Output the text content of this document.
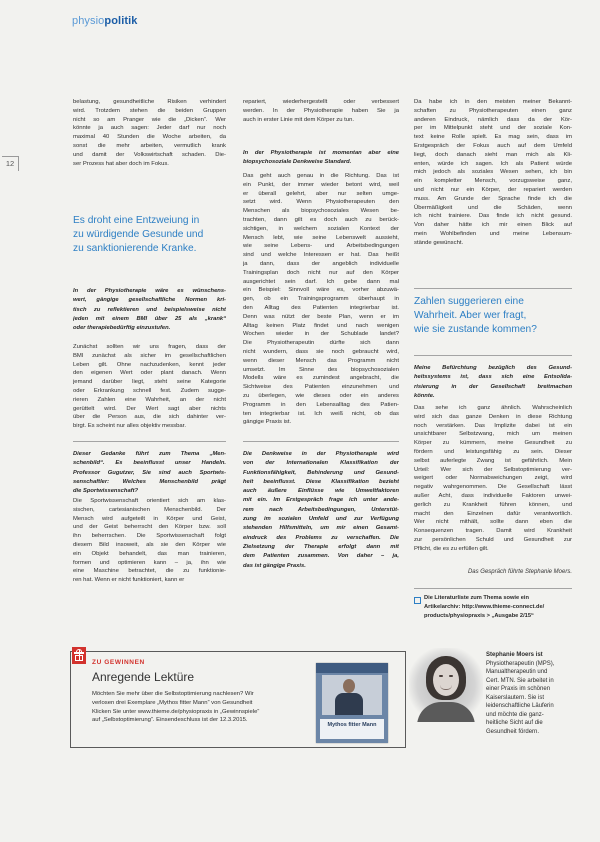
physiopolitik
12
belastung, gesundheitliche Risiken verhindert
wird. Trotzdem stehen die beiden Gruppen
nicht so am Pranger wie die „Dicken“. Wer
könnte ja auch sagen: Jeder darf nur noch
maximal 40 Stunden die Woche arbeiten, da
sonst die mehr arbeiten, vermutlich krank
und damit der Volkswirtschaft schaden. Die-
ser Prozess hat aber doch im Fokus.
Es droht eine Entzweiung in
zu würdigende Gesunde und
zu sanktionierende Kranke.
In der Physiotherapie wäre es wünschens-
wert, gängige gesellschaftliche Normen kri-
tisch zu reflektieren und beispielsweise nicht
jeden mit einem BMI über 25 als „krank“
oder therapiebedürftig einzustufen.
Zunächst sollten wir uns fragen, dass der
BMI zunächst als sicher im gesellschaftlichen
Leben gilt. Ohne nachzudenken, kennt jeder
den eigenen Wert oder plant danach. Wenn
jemand darüber liegt, steht seine Kategorie
oder Erkrankung schnell fest. Zudem sugge-
rieren Zahlen eine Wahrheit, an der nicht
gerüttelt wird. Der Wert sagt aber nichts
über die Person aus, die sich dahinter ver-
birgt. Es scheint nur alles objektiv messbar.
Dieser Gedanke führt zum Thema „Men-
schenbild“. Es beeinflusst unser Handeln.
Professor Gugutzer, Sie sind auch Sportwis-
senschaftler: Welches Menschenbild prägt
die Sportwissenschaft?
Die Sportwissenschaft orientiert sich am klas-
sischen, cartesianischen Menschenbild. Der
Mensch wird aufgeteilt in Körper und Geist,
und der Geist beherrscht den Körper bzw. soll
ihn beherrschen. Die Sportwissenschaft folgt
diesem Bild insoweit, als sie den Körper wie
ein Objekt behandelt, das man trainieren,
formen und optimieren kann – ja, ihn wie
eine Maschine betrachtet, die zu funktionie-
ren hat. Wenn er nicht funktioniert, kann er
repariert, wiederhergestellt oder verbessert
werden. In der Physiotherapie haben Sie ja
auch in erster Linie mit dem Körper zu tun.
In der Physiotherapie ist momentan aber eine
biopsychosoziale Denkweise Standard.
Das geht auch genau in die Richtung. Das ist
ein Punkt, der immer wieder betont wird, weil
er überall gelehrt, aber nur selten umge-
setzt wird. Wenn Physiotherapeuten den
Menschen als biopsychosoziales Wesen be-
trachten, dann gilt es doch auch zu berück-
sichtigen, in welchem sozialen Kontext der
Mensch lebt, wie seine Lebenswelt aussieht,
wie seine Lebens- und Arbeitsbedingungen
sind und welche Interessen er hat. Das heißt
ja dann, dass der angeblich individuelle
Trainingsplan doch nicht nur auf den Körper
ausgerichtet sein darf. Ich gebe dann mal
ein Beispiel: Sinnvoll wäre es, vorher abzuwä-
gen, ob ein Trainingsprogramm überhaupt in
den Alltag des Patienten integrierbar ist.
Denn was nützt der beste Plan, wenn er im
Alltag keinen Platz findet und nach wenigen
Wochen wieder in der Schublade landet?
Die Physiotherapeutin dürfte sich dann
nicht wundern, dass sie noch gebraucht wird,
wenn dieser Mensch das Programm nicht
umsetzt. Im Sinne des biopsychosozialen
Modells wäre es zumindest angebracht, die
Sichtweise des Patienten einzunehmen und
zu überlegen, wie dieses oder ein anderes
Programm in den Lebensalltag des Patien-
ten integrierbar ist. Ich weiß nicht, ob das
gängige Praxis ist.
Die Denkweise in der Physiotherapie wird
von der Internationalen Klassifikation der
Funktionsfähigkeit, Behinderung und Gesund-
heit beeinflusst. Diese Klassifikation bezieht
auch äußere Einflüsse wie Umweltfaktoren
mit ein. Im Erstgespräch frage ich unter ande-
rem nach Arbeitsbedingungen, Unterstüt-
zung im sozialen Umfeld und zur Verfügung
stehenden Hilfsmitteln, um mir einen Gesamt-
eindruck des Problems zu verschaffen. Die
Zielsetzung der Therapie erfolgt dann mit
dem Patienten zusammen. Von daher – ja,
das ist gängige Praxis.
Da habe ich in den meisten meiner Bekannt-
schaften zu Physiotherapeuten einen ganz
anderen Eindruck, nämlich dass da der Kör-
per im Mittelpunkt steht und der soziale Kon-
text keine Rolle spielt. Es mag sein, dass im
Erstgespräch der Fokus auch auf dem Umfeld
liegt, doch danach sieht man mich als Kli-
enten, würde ich sagen. Ich als Patient würde
mich jedoch als soziales Wesen sehen, ich bin
ein kompletter Mensch, vorzugsweise ganz,
und nicht nur ein Körper, der repariert werden
muss. Am Grunde der Sprache finde ich die
Übermäßigkeit und die Schäden, wenn
ich nicht trainiere. Das finde ich nicht gesund.
Von daher hätte ich mir einen Blick auf
mein Wohlbefinden und meine Lebensum-
stände gewünscht.
Zahlen suggerieren eine
Wahrheit. Aber wer fragt,
wie sie zustande kommen?
Meine Befürchtung bezüglich des Gesund-
heitssystems ist, dass sich eine Entsolida-
risierung in der Gesellschaft breitmachen
könnte.
Das sehe ich ganz ähnlich. Wahrscheinlich
wird sich das ganze Denken in diese Richtung
noch verstärken. Das Implizite dabei ist ein
unsichtbarer Selbstzwang, mich um meinen
Körper zu kümmern, meine Gesundheit zu
fördern und leistungsfähig zu sein. Dieser
selbst auferlegte Zwang ist gefährlich. Mein
Urteil: Wer sich der Selbstoptimierung ver-
weigert oder Normabweichungen zeigt, wird
negativ wahrgenommen. Die Gesellschaft lässt
außer Acht, dass individuelle Faktoren unwei-
gerlich zu Krankheit führen können, und
macht den Einzelnen dafür verantwortlich.
Wer nicht mithält, sollte dann eben die
Konsequenzen tragen. Damit wird Krankheit
zur persönlichen Schuld und Gesundheit zur
Pflicht, die es zu erfüllen gilt.
Das Gespräch führte Stephanie Moers.
Die Literaturliste zum Thema sowie ein
Artikelarchiv: http://www.thieme-connect.de/
products/physiopraxis > „Ausgabe 2/15“
ZU GEWINNEN
Anregende Lektüre
Möchten Sie mehr über die Selbstoptimierung nachlesen? Wir
verlosen drei Exemplare „Mythos fitter Mann“ von Gesundheit
Klicken Sie unter www.thieme.de/physiopraxis in „Gewinnspiele“
auf „Selbstoptimierung“. Einsendeschluss ist der 12.3.2015.
Mythos fitter Mann
Stephanie Moers ist
Physiotherapeutin (MPS),
Manualtherapeutin und
Cert. MTN. Sie arbeitet in
einer Praxis im schönen
Kaiserslautern. Sie ist
leidenschaftliche Läuferin
und möchte die ganz-
heitliche Sicht auf die
Gesundheit fördern.
